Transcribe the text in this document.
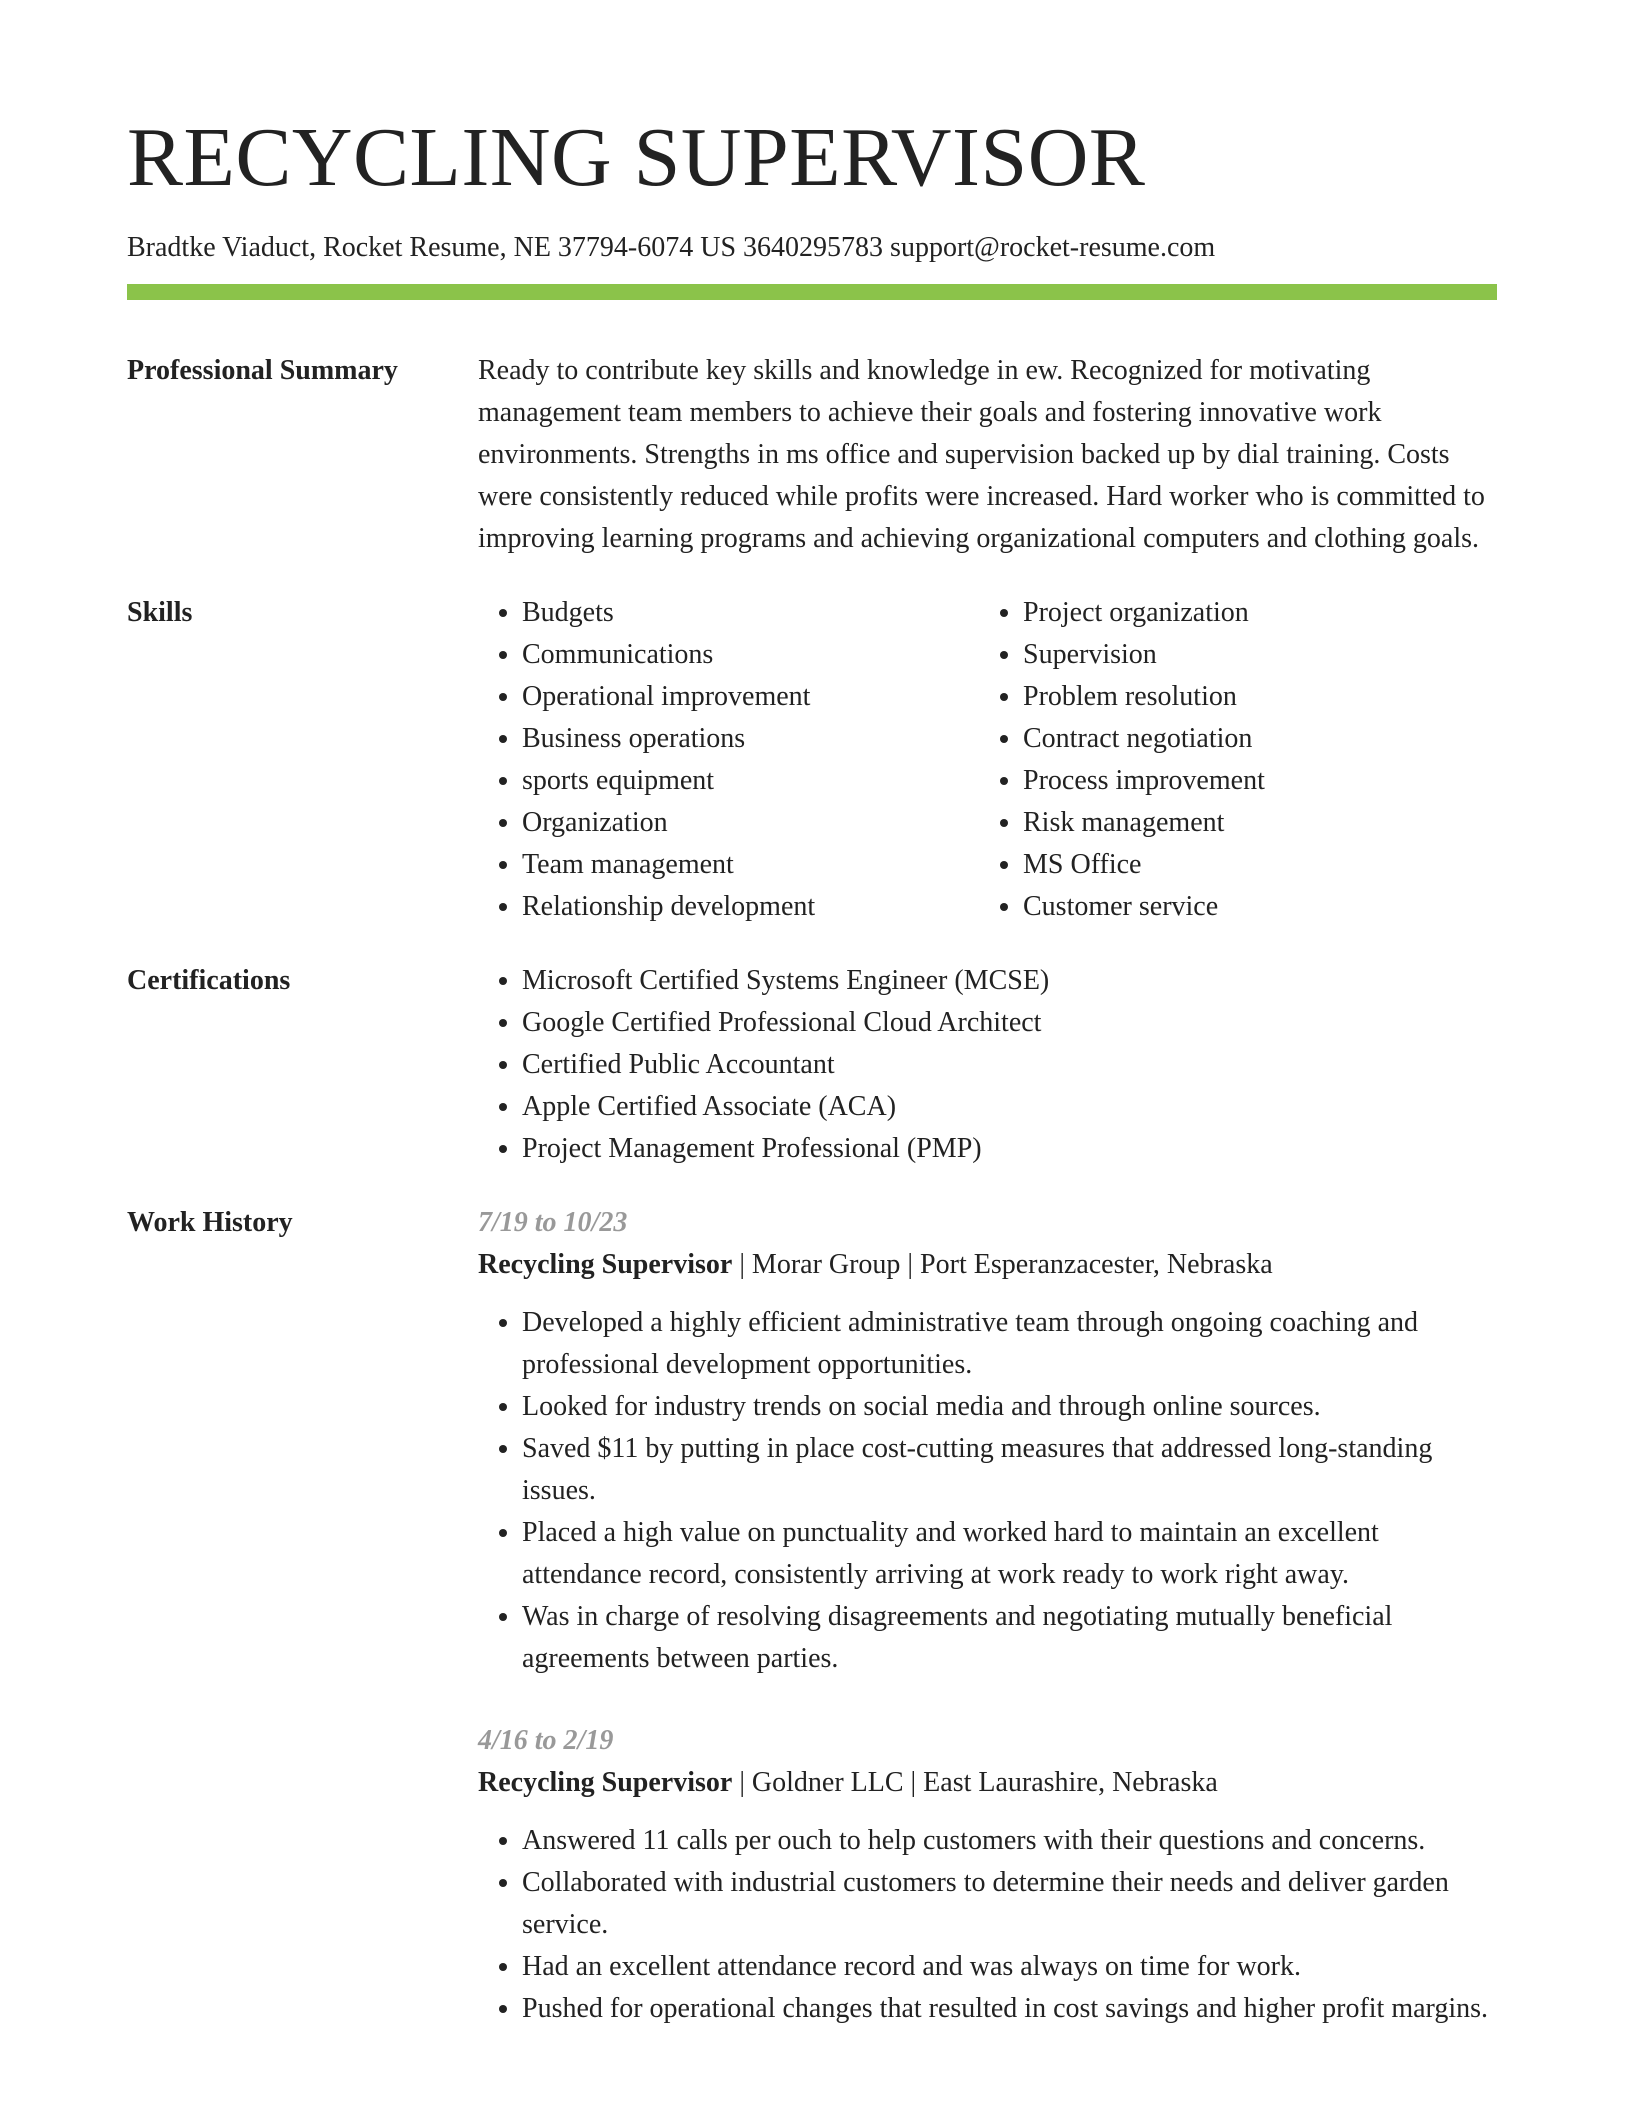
RECYCLING SUPERVISOR
Bradtke Viaduct, Rocket Resume, NE 37794-6074 US 3640295783 support@rocket-resume.com
Professional Summary	Ready to contribute key skills and knowledge in ew. Recognized for motivating management team members to achieve their goals and fostering innovative work environments. Strengths in ms office and supervision backed up by dial training. Costs were consistently reduced while profits were increased. Hard worker who is committed to improving learning programs and achieving organizational computers and clothing goals.

Skills	• Budgets
• Communications
• Operational improvement
• Business operations
• sports equipment
• Organization
• Team management
• Relationship development
• Project organization
• Supervision
• Problem resolution
• Contract negotiation
• Process improvement
• Risk management
• MS Office
• Customer service
Certifications	• Microsoft Certified Systems Engineer (MCSE)
• Google Certified Professional Cloud Architect
• Certified Public Accountant
• Apple Certified Associate (ACA)
• Project Management Professional (PMP)
Work History	7/19 to 10/23
Recycling Supervisor | Morar Group | Port Esperanzacester, Nebraska
• Developed a highly efficient administrative team through ongoing coaching and professional development opportunities.
• Looked for industry trends on social media and through online sources.
• Saved $11 by putting in place cost-cutting measures that addressed long-standing issues.
• Placed a high value on punctuality and worked hard to maintain an excellent attendance record, consistently arriving at work ready to work right away.
• Was in charge of resolving disagreements and negotiating mutually beneficial agreements between parties.
4/16 to 2/19
Recycling Supervisor | Goldner LLC | East Laurashire, Nebraska
• Answered 11 calls per ouch to help customers with their questions and concerns.
• Collaborated with industrial customers to determine their needs and deliver garden service.
• Had an excellent attendance record and was always on time for work.
• Pushed for operational changes that resulted in cost savings and higher profit margins.
